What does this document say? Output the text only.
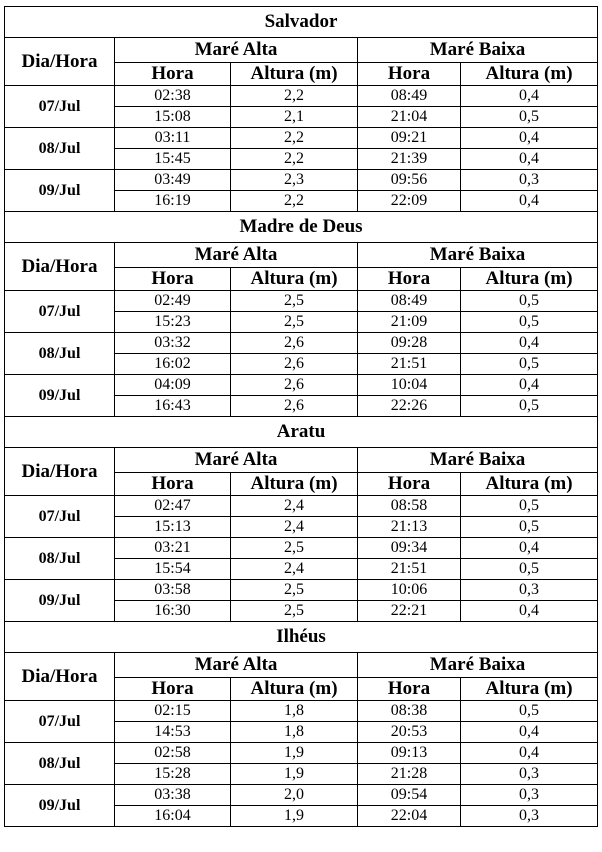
Salvador				
Dia/Hora	Maré Alta		Maré Baixa	
	Hora	Altura (m)	Hora	Altura (m)
07/Jul	02:38	2,2	08:49	0,4
	15:08	2,1	21:04	0,5
08/Jul	03:11	2,2	09:21	0,4
	15:45	2,2	21:39	0,4
09/Jul	03:49	2,3	09:56	0,3
	16:19	2,2	22:09	0,4
Madre de Deus				
Dia/Hora	Maré Alta		Maré Baixa	
	Hora	Altura (m)	Hora	Altura (m)
07/Jul	02:49	2,5	08:49	0,5
	15:23	2,5	21:09	0,5
08/Jul	03:32	2,6	09:28	0,4
	16:02	2,6	21:51	0,5
09/Jul	04:09	2,6	10:04	0,4
	16:43	2,6	22:26	0,5
Aratu				
Dia/Hora	Maré Alta		Maré Baixa	
	Hora	Altura (m)	Hora	Altura (m)
07/Jul	02:47	2,4	08:58	0,5
	15:13	2,4	21:13	0,5
08/Jul	03:21	2,5	09:34	0,4
	15:54	2,4	21:51	0,5
09/Jul	03:58	2,5	10:06	0,3
	16:30	2,5	22:21	0,4
Ilhéus				
Dia/Hora	Maré Alta		Maré Baixa	
	Hora	Altura (m)	Hora	Altura (m)
07/Jul	02:15	1,8	08:38	0,5
	14:53	1,8	20:53	0,4
08/Jul	02:58	1,9	09:13	0,4
	15:28	1,9	21:28	0,3
09/Jul	03:38	2,0	09:54	0,3
	16:04	1,9	22:04	0,3
